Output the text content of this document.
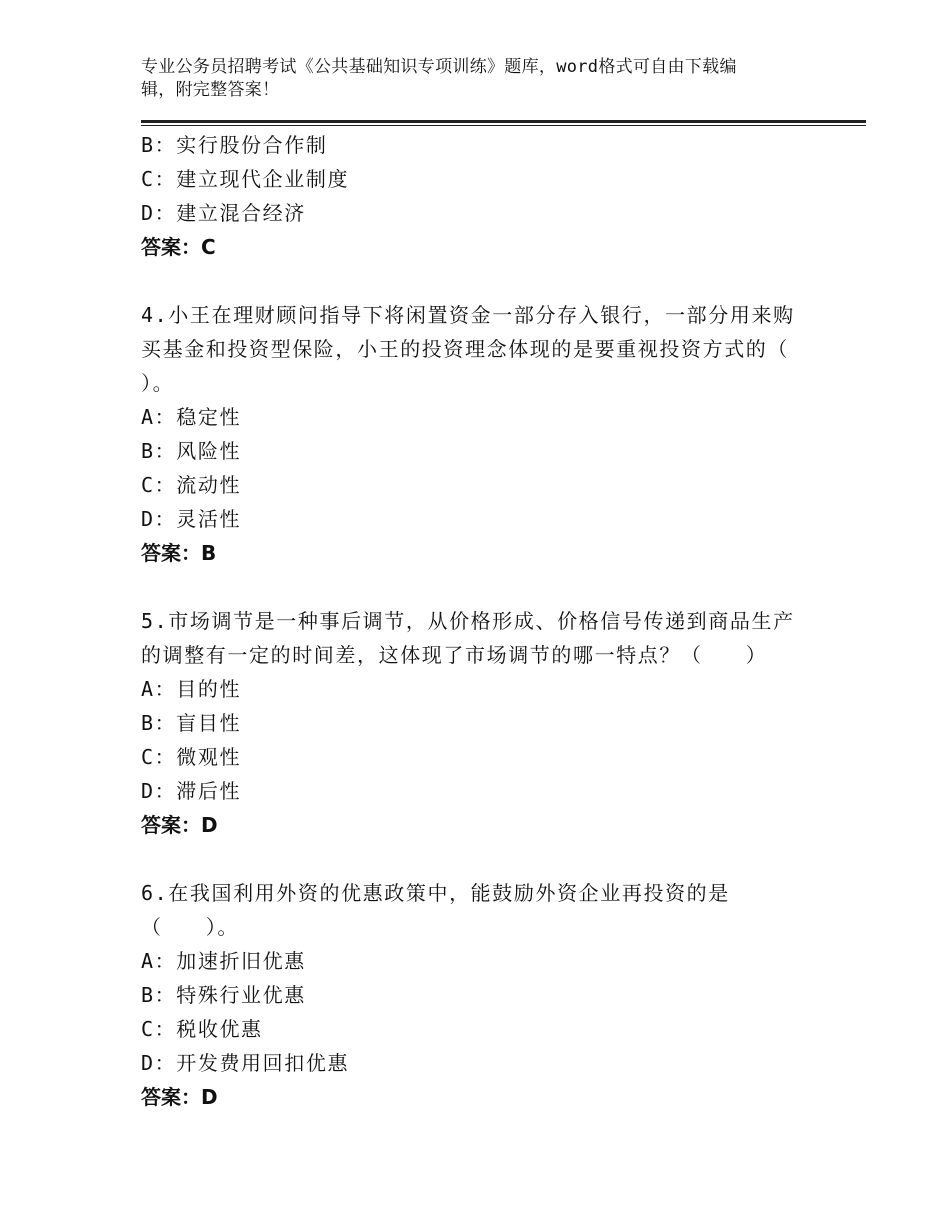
专业公务员招聘考试《公共基础知识专项训练》题库，word格式可自由下载编
辑，附完整答案！
B：实行股份合作制
C：建立现代企业制度
D：建立混合经济
答案：C
4.小王在理财顾问指导下将闲置资金一部分存入银行，一部分用来购
买基金和投资型保险，小王的投资理念体现的是要重视投资方式的（
）。
A：稳定性
B：风险性
C：流动性
D：灵活性
答案：B
5.市场调节是一种事后调节，从价格形成、价格信号传递到商品生产
的调整有一定的时间差，这体现了市场调节的哪一特点？（　　）
A：目的性
B：盲目性
C：微观性
D：滞后性
答案：D
6.在我国利用外资的优惠政策中，能鼓励外资企业再投资的是
（　　）。
A：加速折旧优惠
B：特殊行业优惠
C：税收优惠
D：开发费用回扣优惠
答案：D
